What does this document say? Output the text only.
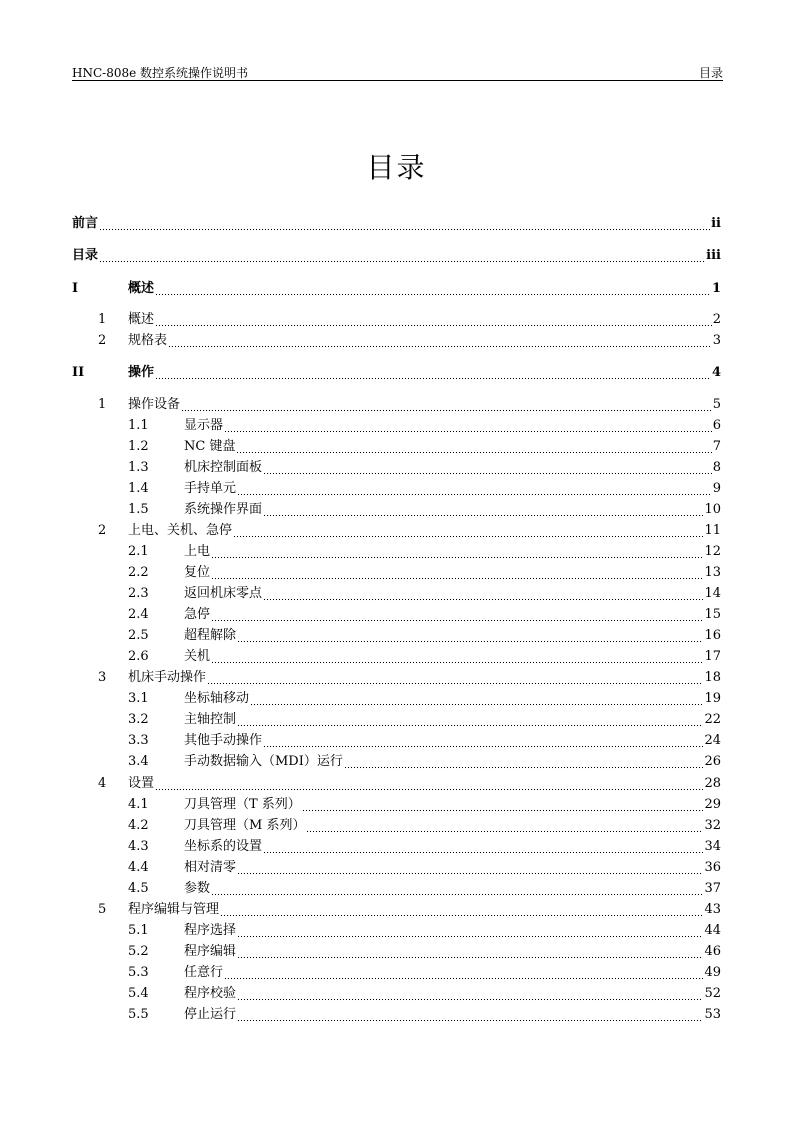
HNC-808e 数控系统操作说明书	目录
目录
前言	ii
目录	iii
I	概述	1
1 概述	2
2 规格表	3
II	操作	4
1 操作设备	5
1.1	显示器	6
1.2	NC 键盘	7
1.3	机床控制面板	8
1.4	手持单元	9
1.5	系统操作界面	10
2 上电、关机、急停	11
2.1	上电	12
2.2	复位	13
2.3	返回机床零点	14
2.4	急停	15
2.5	超程解除	16
2.6	关机	17
3 机床手动操作	18
3.1	坐标轴移动	19
3.2	主轴控制	22
3.3	其他手动操作	24
3.4	手动数据输入（MDI）运行	26
4 设置	28
4.1	刀具管理（T 系列）	29
4.2	刀具管理（M 系列）	32
4.3	坐标系的设置	34
4.4	相对清零	36
4.5	参数	37
5 程序编辑与管理	43
5.1	程序选择	44
5.2	程序编辑	46
5.3	任意行	49
5.4	程序校验	52
5.5	停止运行	53
